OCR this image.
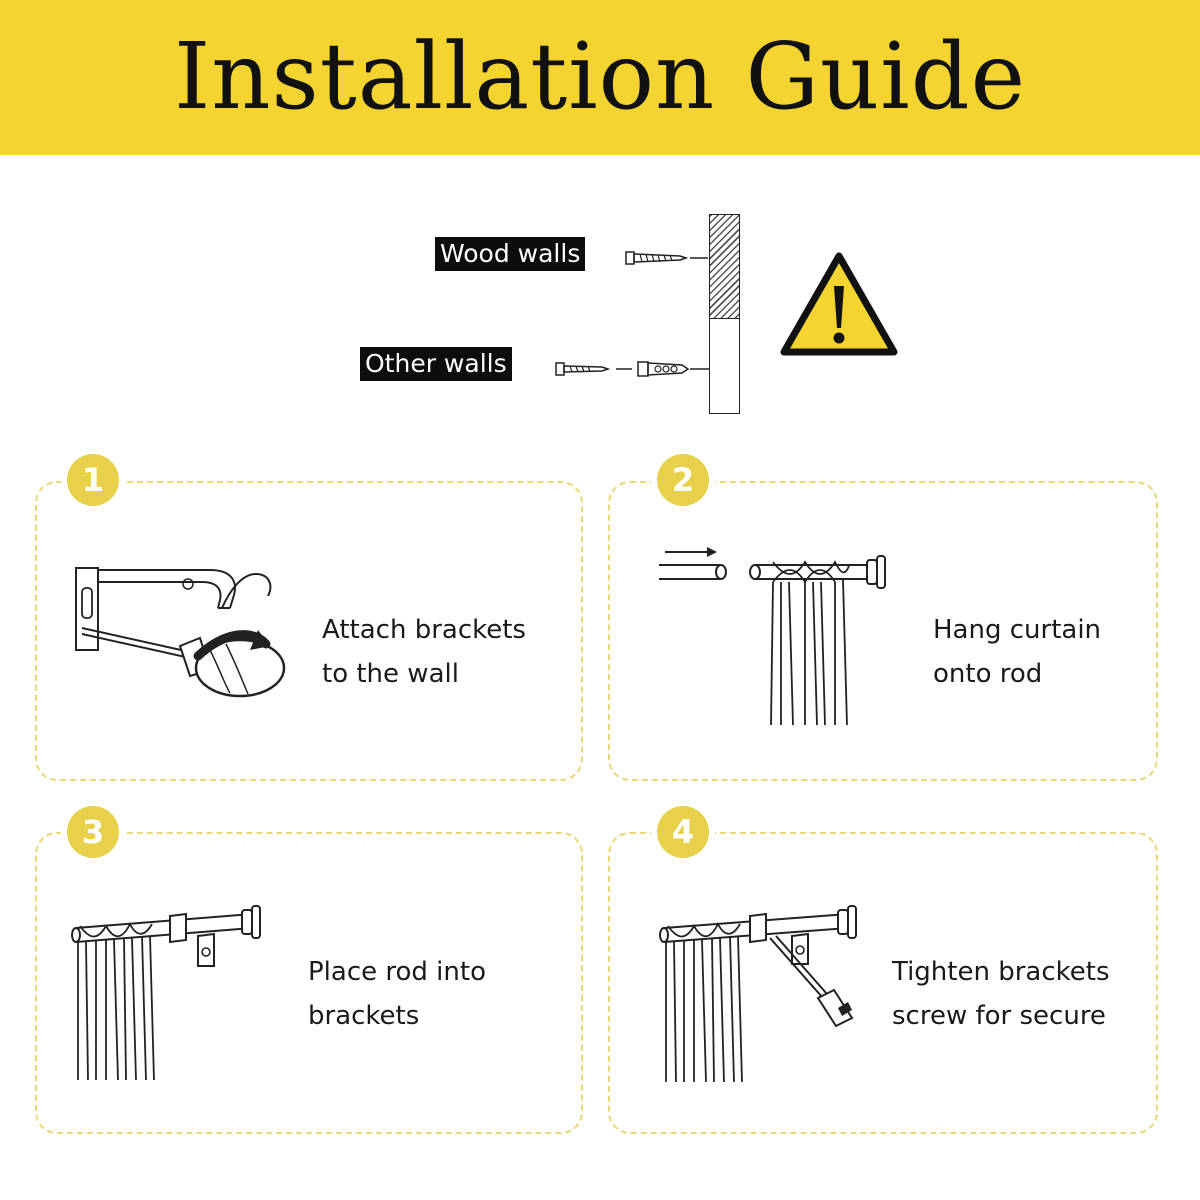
Installation Guide
Wood walls
Other walls
1	2
3	4
Attach brackets
to the wall
Hang curtain
onto rod
Place rod into
brackets
Tighten brackets
screw for secure
